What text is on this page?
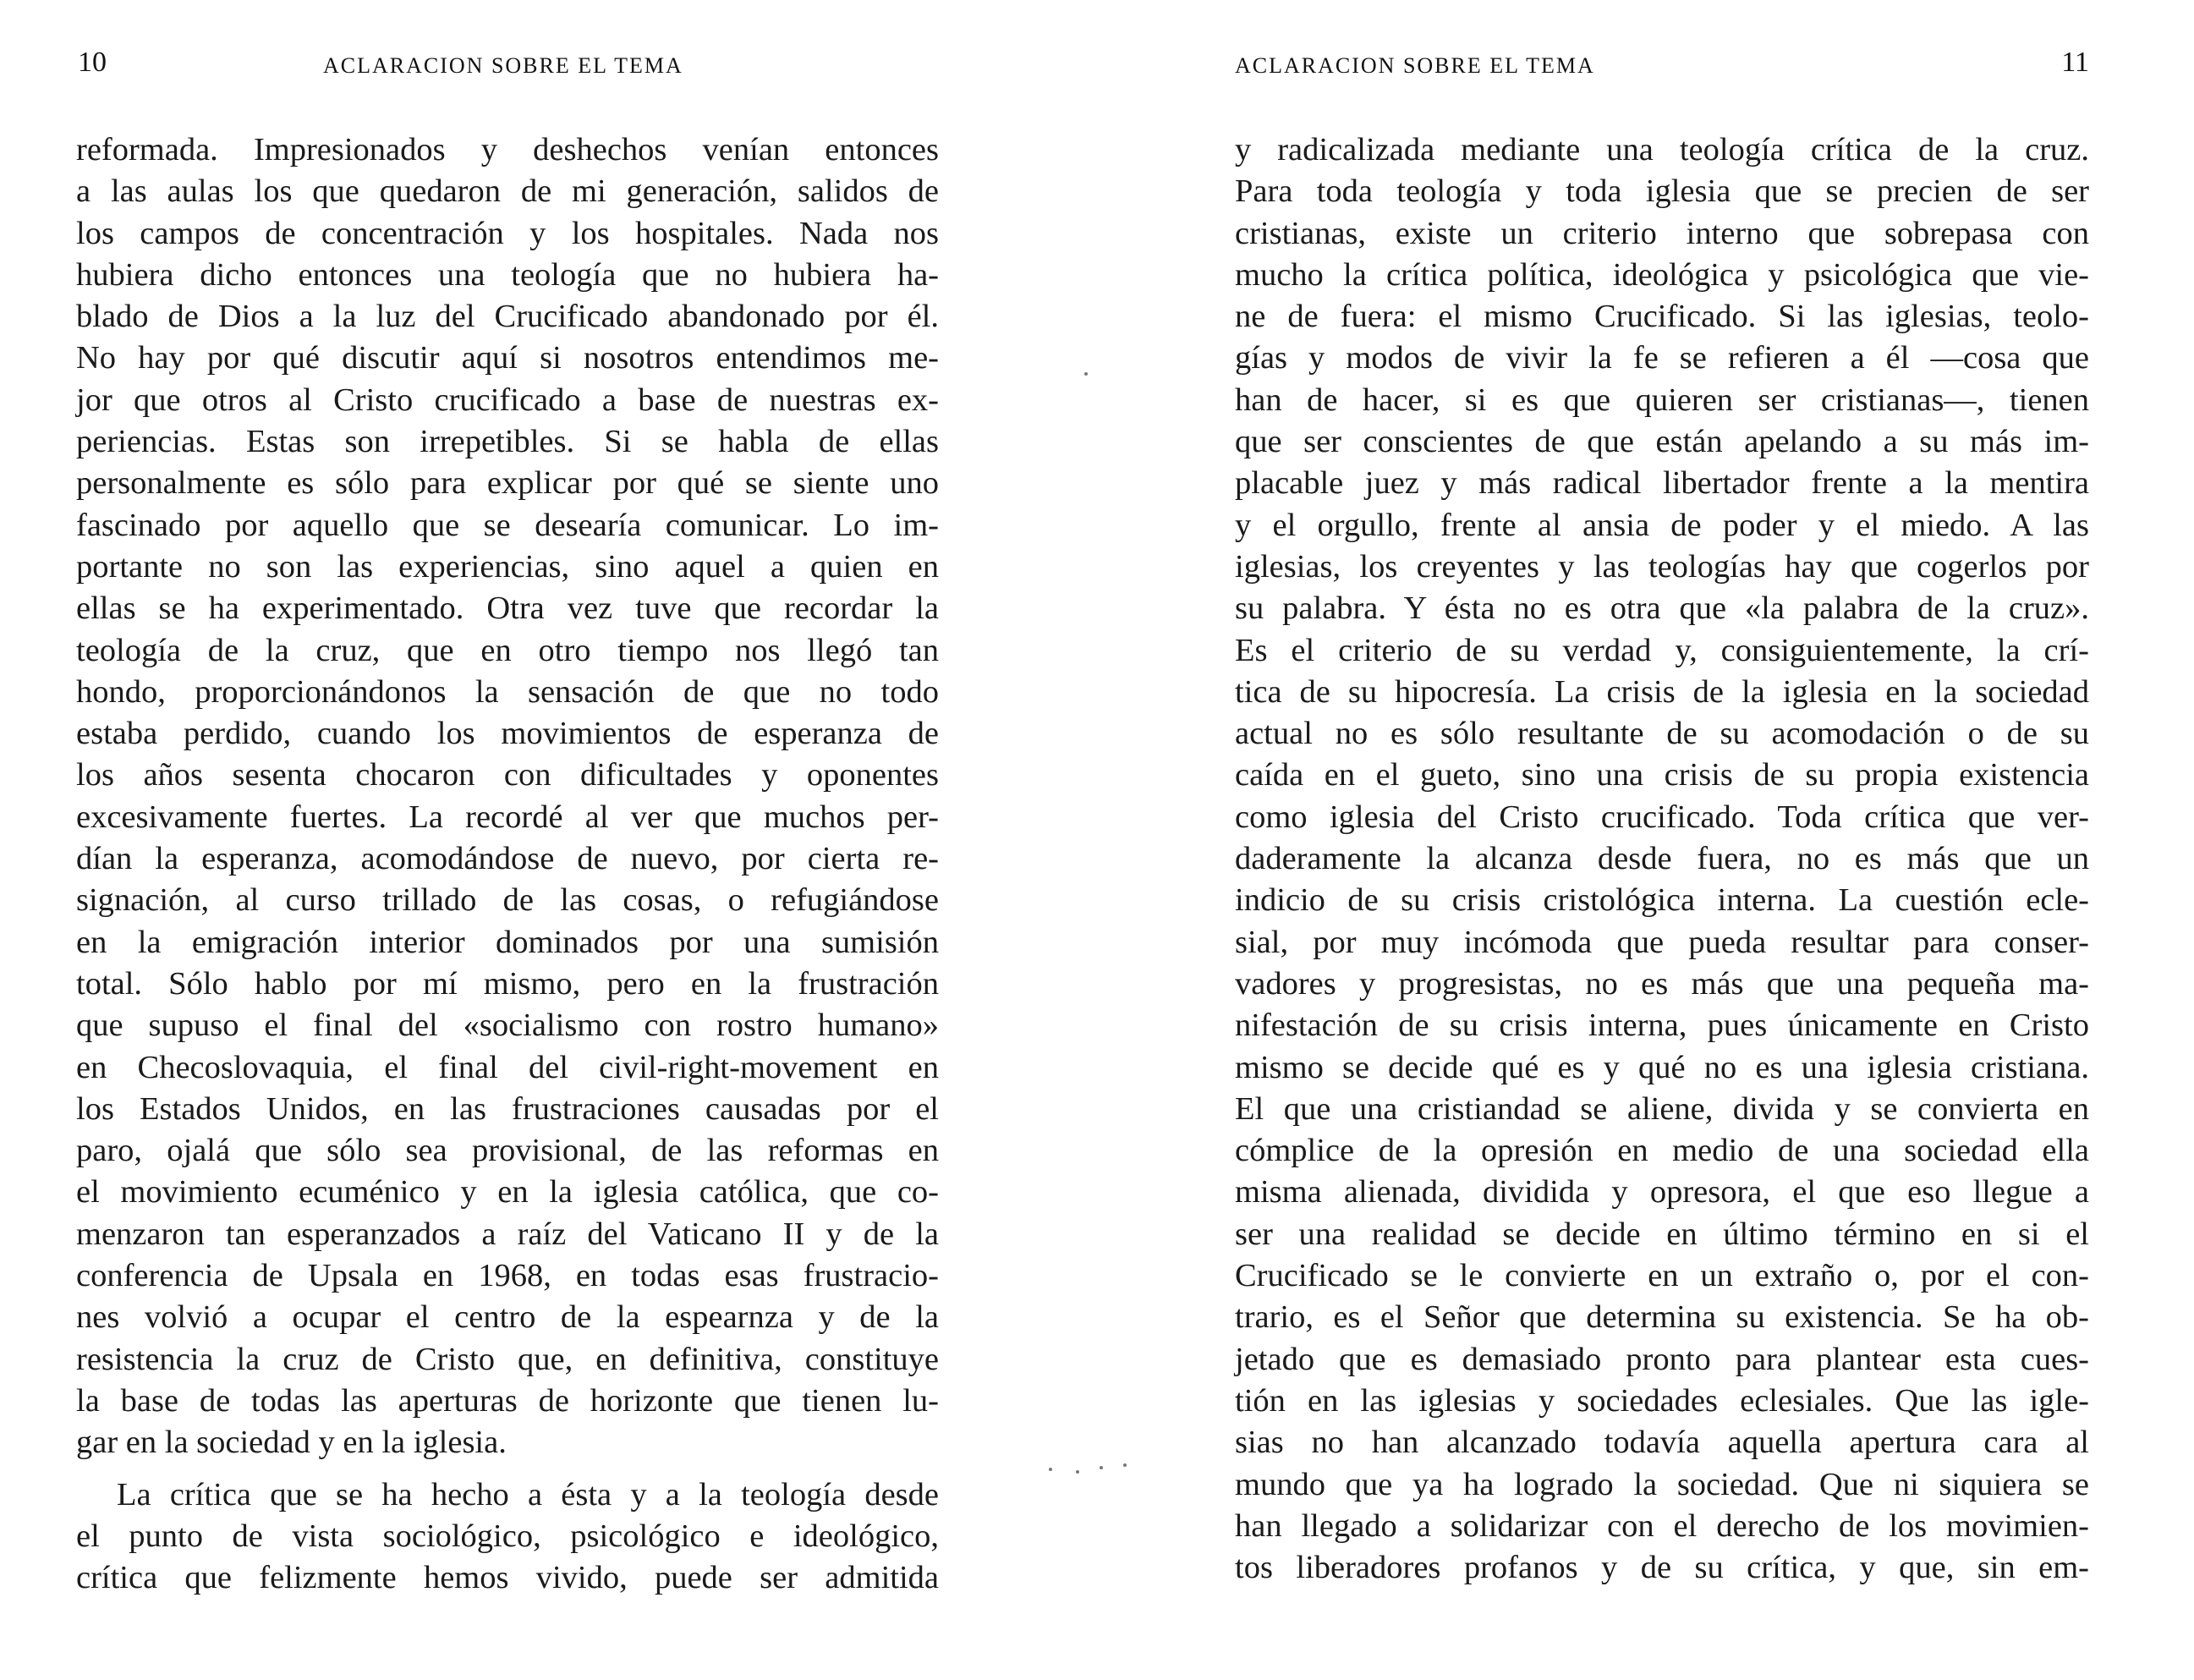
10	ACLARACION SOBRE EL TEMA
reformada. Impresionados y deshechos venían entonces
a las aulas los que quedaron de mi generación, salidos de
los campos de concentración y los hospitales. Nada nos
hubiera dicho entonces una teología que no hubiera ha-
blado de Dios a la luz del Crucificado abandonado por él.
No hay por qué discutir aquí si nosotros entendimos me-
jor que otros al Cristo crucificado a base de nuestras ex-
periencias. Estas son irrepetibles. Si se habla de ellas
personalmente es sólo para explicar por qué se siente uno
fascinado por aquello que se desearía comunicar. Lo im-
portante no son las experiencias, sino aquel a quien en
ellas se ha experimentado. Otra vez tuve que recordar la
teología de la cruz, que en otro tiempo nos llegó tan
hondo, proporcionándonos la sensación de que no todo
estaba perdido, cuando los movimientos de esperanza de
los años sesenta chocaron con dificultades y oponentes
excesivamente fuertes. La recordé al ver que muchos per-
dían la esperanza, acomodándose de nuevo, por cierta re-
signación, al curso trillado de las cosas, o refugiándose
en la emigración interior dominados por una sumisión
total. Sólo hablo por mí mismo, pero en la frustración
que supuso el final del «socialismo con rostro humano»
en Checoslovaquia, el final del civil-right-movement en
los Estados Unidos, en las frustraciones causadas por el
paro, ojalá que sólo sea provisional, de las reformas en
el movimiento ecuménico y en la iglesia católica, que co-
menzaron tan esperanzados a raíz del Vaticano II y de la
conferencia de Upsala en 1968, en todas esas frustracio-
nes volvió a ocupar el centro de la espearnza y de la
resistencia la cruz de Cristo que, en definitiva, constituye
la base de todas las aperturas de horizonte que tienen lu-
gar en la sociedad y en la iglesia.
La crítica que se ha hecho a ésta y a la teología desde
el punto de vista sociológico, psicológico e ideológico,
crítica que felizmente hemos vivido, puede ser admitida
ACLARACION SOBRE EL TEMA	11
y radicalizada mediante una teología crítica de la cruz.
Para toda teología y toda iglesia que se precien de ser
cristianas, existe un criterio interno que sobrepasa con
mucho la crítica política, ideológica y psicológica que vie-
ne de fuera: el mismo Crucificado. Si las iglesias, teolo-
gías y modos de vivir la fe se refieren a él —cosa que
han de hacer, si es que quieren ser cristianas—, tienen
que ser conscientes de que están apelando a su más im-
placable juez y más radical libertador frente a la mentira
y el orgullo, frente al ansia de poder y el miedo. A las
iglesias, los creyentes y las teologías hay que cogerlos por
su palabra. Y ésta no es otra que «la palabra de la cruz».
Es el criterio de su verdad y, consiguientemente, la crí-
tica de su hipocresía. La crisis de la iglesia en la sociedad
actual no es sólo resultante de su acomodación o de su
caída en el gueto, sino una crisis de su propia existencia
como iglesia del Cristo crucificado. Toda crítica que ver-
daderamente la alcanza desde fuera, no es más que un
indicio de su crisis cristológica interna. La cuestión ecle-
sial, por muy incómoda que pueda resultar para conser-
vadores y progresistas, no es más que una pequeña ma-
nifestación de su crisis interna, pues únicamente en Cristo
mismo se decide qué es y qué no es una iglesia cristiana.
El que una cristiandad se aliene, divida y se convierta en
cómplice de la opresión en medio de una sociedad ella
misma alienada, dividida y opresora, el que eso llegue a
ser una realidad se decide en último término en si el
Crucificado se le convierte en un extraño o, por el con-
trario, es el Señor que determina su existencia. Se ha ob-
jetado que es demasiado pronto para plantear esta cues-
tión en las iglesias y sociedades eclesiales. Que las igle-
sias no han alcanzado todavía aquella apertura cara al
mundo que ya ha logrado la sociedad. Que ni siquiera se
han llegado a solidarizar con el derecho de los movimien-
tos liberadores profanos y de su crítica, y que, sin em-
